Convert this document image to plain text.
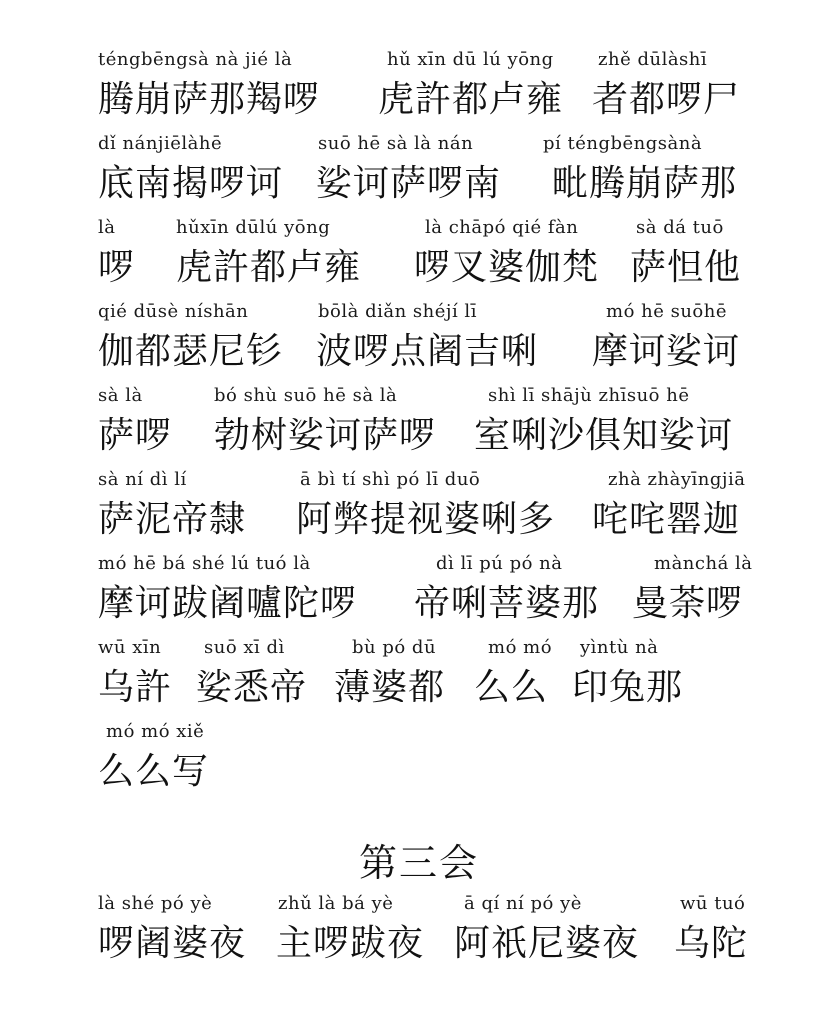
téngbēngsà nà jié là	hǔ xīn dū lú yōng zhě dūlàshī
腾崩萨那羯啰 虎許都卢雍 者都啰尸
dǐ nánjiēlàhē	suō hē sà là nán	pí téngbēngsànà
底南揭啰诃 娑诃萨啰南 毗腾崩萨那
là	hǔxīn dūlú yōng	là chāpó qié fàn	sà dá tuō
啰 虎許都卢雍 啰叉婆伽梵 萨怛他
qié dūsè níshān	bōlà diǎn shéjí lī	mó hē suōhē
伽都瑟尼钐 波啰点阇吉唎 摩诃娑诃
sà là	bó shù suō hē sà là	shì lī shājù zhīsuō hē
萨啰 勃树娑诃萨啰 室唎沙俱知娑诃
sà ní dì lí	ā bì tí shì pó lī duō	zhà zhàyīngjiā
萨泥帝隸 阿弊提视婆唎多 咤咤罂迦
mó hē bá shé lú tuó là	dì lī pú pó nà	mànchá là
摩诃跋阇嚧陀啰 帝唎菩婆那 曼荼啰
wū xīn suō xī dì	bù pó dū	mó mó yìntù nà
乌許 娑悉帝 薄婆都 么么 印兔那
mó mó xiě
么么写
第三会
là shé pó yè	zhǔ là bá yè	ā qí ní pó yè	wū tuó
啰阇婆夜 主啰跋夜 阿祇尼婆夜 乌陀
